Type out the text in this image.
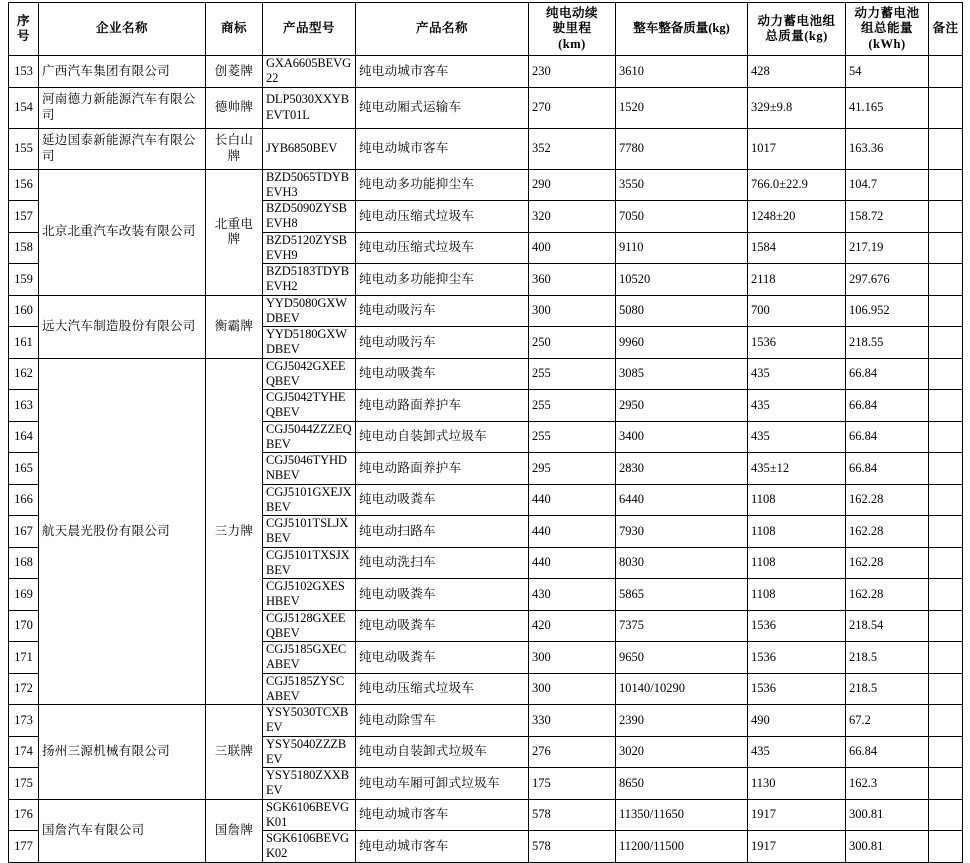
序号	企业名称	商标	产品型号	产品名称	纯电动续
驶里程
(km)	整车整备质量(kg)	动力蓄电池组
总质量(kg)	动力蓄电池
组总能量
(kWh)	备注
153	广西汽车集团有限公司	创菱牌	GXA6605BEVG22	纯电动城市客车	230	3610	428	54	
154	河南德力新能源汽车有限公司	德帅牌	DLP5030XXYBEVT01L	纯电动厢式运输车	270	1520	329±9.8	41.165	
155	延边国泰新能源汽车有限公司	长白山牌	JYB6850BEV	纯电动城市客车	352	7780	1017	163.36	
156	北京北重汽车改装有限公司	北重电牌	BZD5065TDYBEVH3	纯电动多功能抑尘车	290	3550	766.0±22.9	104.7	
157			BZD5090ZYSBEVH8	纯电动压缩式垃圾车	320	7050	1248±20	158.72	
158			BZD5120ZYSBEVH9	纯电动压缩式垃圾车	400	9110	1584	217.19	
159			BZD5183TDYBEVH2	纯电动多功能抑尘车	360	10520	2118	297.676	
160	远大汽车制造股份有限公司	衡霸牌	YYD5080GXWDBEV	纯电动吸污车	300	5080	700	106.952	
161			YYD5180GXWDBEV	纯电动吸污车	250	9960	1536	218.55	
162	航天晨光股份有限公司	三力牌	CGJ5042GXEEQBEV	纯电动吸粪车	255	3085	435	66.84	
163			CGJ5042TYHEQBEV	纯电动路面养护车	255	2950	435	66.84	
164			CGJ5044ZZZEQBEV	纯电动自装卸式垃圾车	255	3400	435	66.84	
165			CGJ5046TYHDNBEV	纯电动路面养护车	295	2830	435±12	66.84	
166			CGJ5101GXEJXBEV	纯电动吸粪车	440	6440	1108	162.28	
167			CGJ5101TSLJXBEV	纯电动扫路车	440	7930	1108	162.28	
168			CGJ5101TXSJXBEV	纯电动洗扫车	440	8030	1108	162.28	
169			CGJ5102GXESHBEV	纯电动吸粪车	430	5865	1108	162.28	
170			CGJ5128GXEEQBEV	纯电动吸粪车	420	7375	1536	218.54	
171			CGJ5185GXECABEV	纯电动吸粪车	300	9650	1536	218.5	
172			CGJ5185ZYSCABEV	纯电动压缩式垃圾车	300	10140/10290	1536	218.5	
173	扬州三源机械有限公司	三联牌	YSY5030TCXBEV	纯电动除雪车	330	2390	490	67.2	
174			YSY5040ZZZBEV	纯电动自装卸式垃圾车	276	3020	435	66.84	
175			YSY5180ZXXBEV	纯电动车厢可卸式垃圾车	175	8650	1130	162.3	
176	国詹汽车有限公司	国詹牌	SGK6106BEVGK01	纯电动城市客车	578	11350/11650	1917	300.81	
177			SGK6106BEVGK02	纯电动城市客车	578	11200/11500	1917	300.81	
